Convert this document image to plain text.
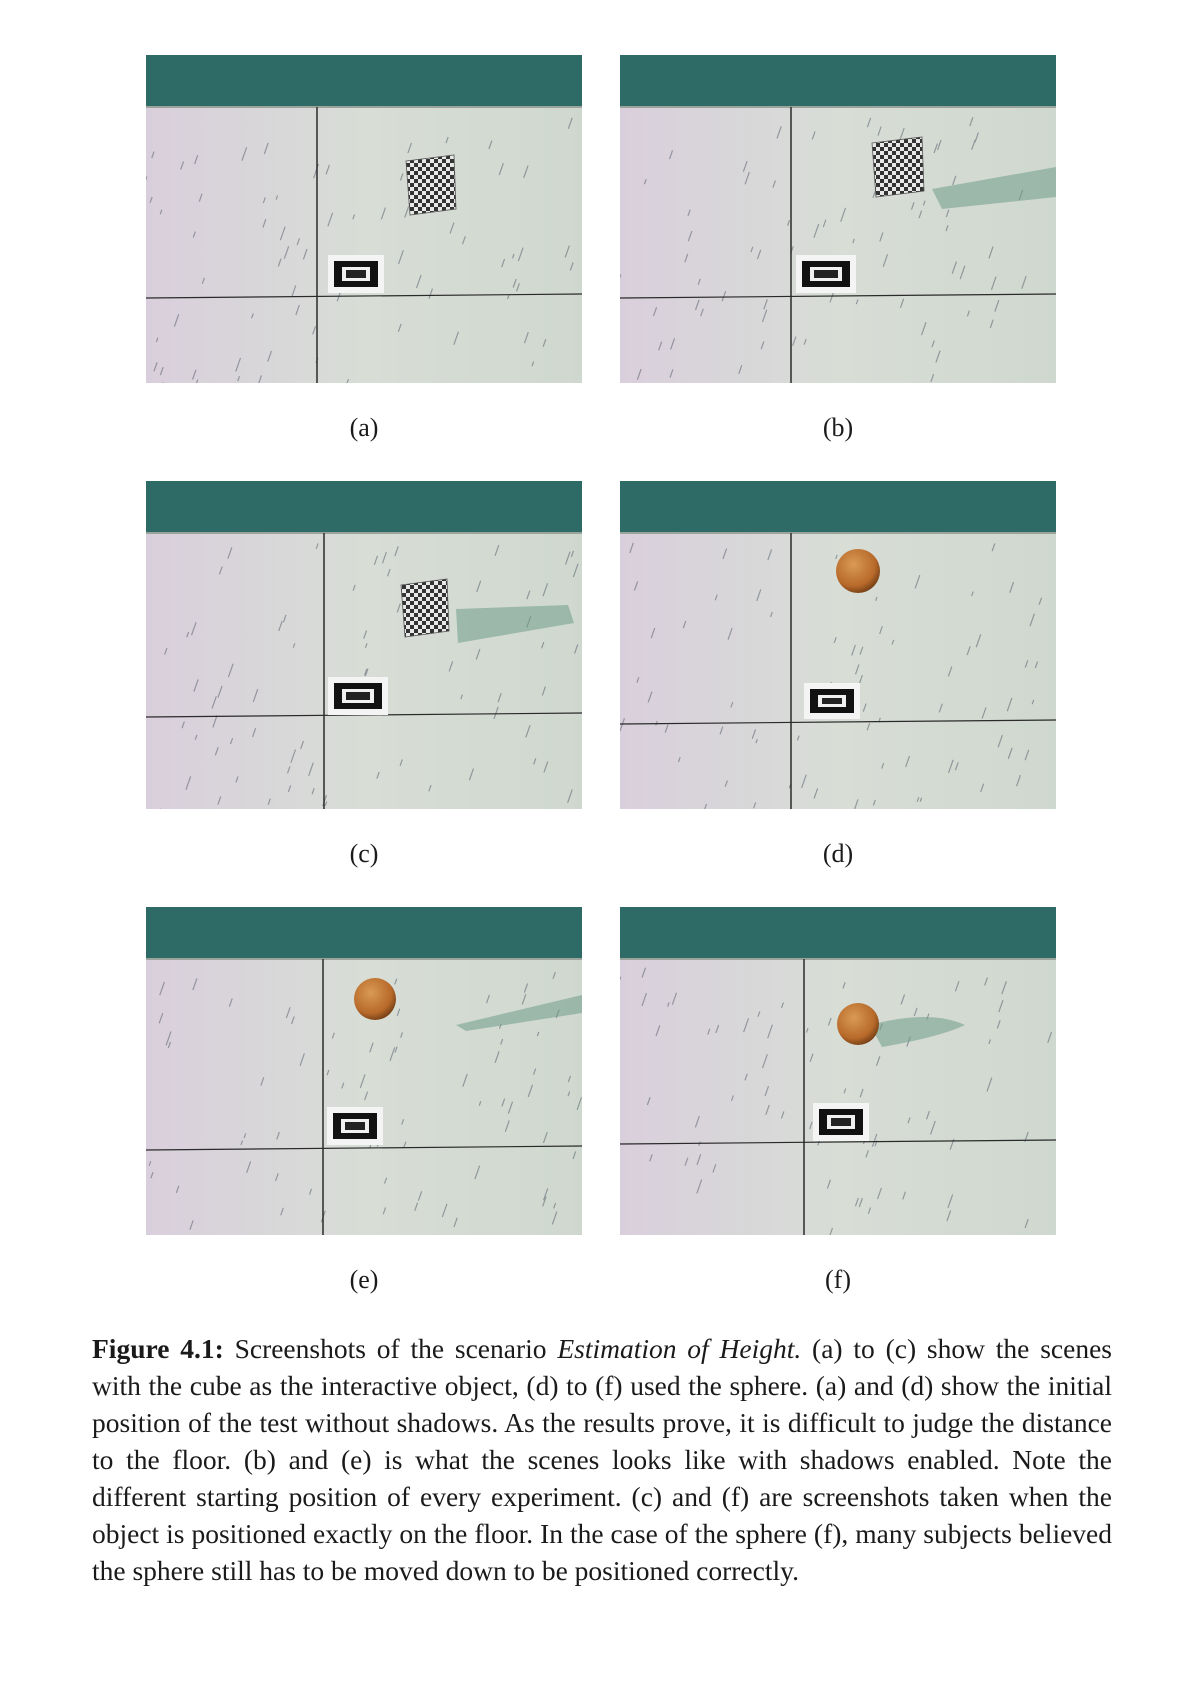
(a)	(b)
(c)	(d)
(e)	(f)
Figure 4.1: Screenshots of the scenario Estimation of Height. (a) to (c) show the scenes with the cube as the interactive object, (d) to (f) used the sphere. (a) and (d) show the initial position of the test without shadows. As the results prove, it is difficult to judge the distance to the floor. (b) and (e) is what the scenes looks like with shadows enabled. Note the different starting position of every experiment. (c) and (f) are screenshots taken when the object is positioned exactly on the floor. In the case of the sphere (f), many subjects believed the sphere still has to be moved down to be positioned correctly.
